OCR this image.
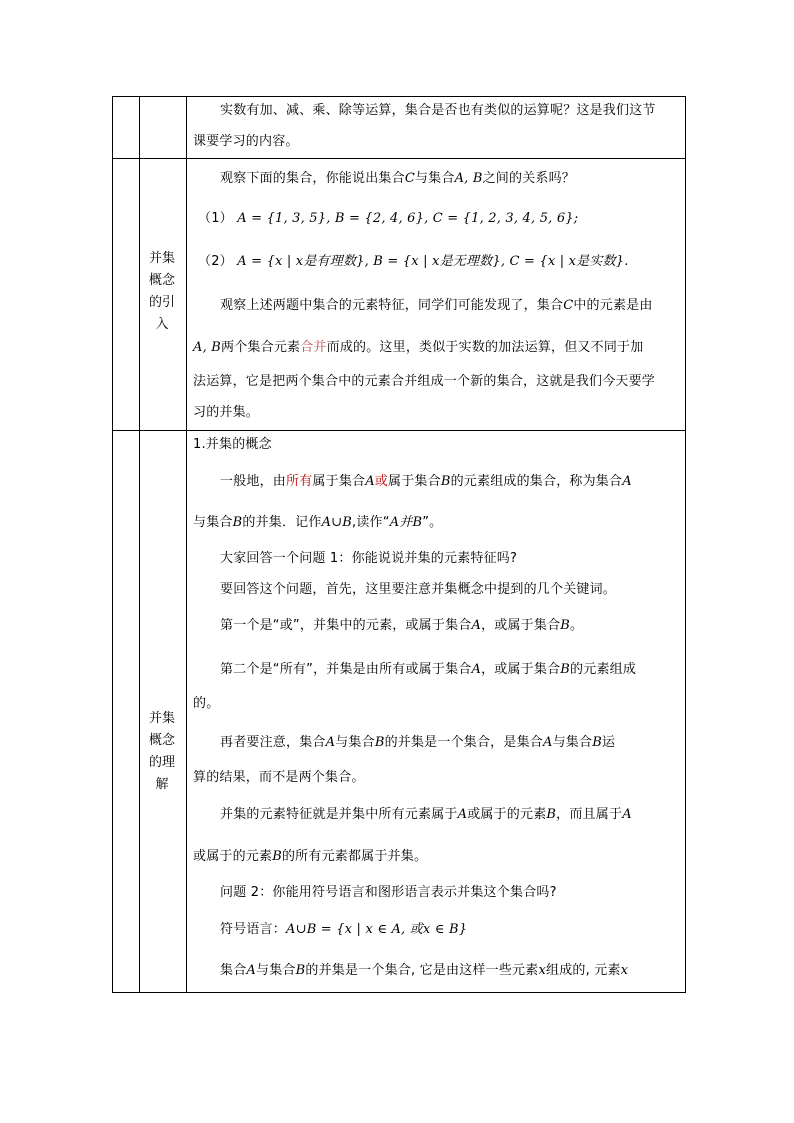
实数有加、减、乘、除等运算，集合是否也有类似的运算呢？这是我们这节
课要学习的内容。
并集
概念
的引
入
观察下面的集合，你能说出集合C与集合A, B之间的关系吗？
（1） A = {1, 3, 5}, B = {2, 4, 6}, C = {1, 2, 3, 4, 5, 6};
（2） A = {x | x是有理数}, B = {x | x是无理数}, C = {x | x是实数}.
观察上述两题中集合的元素特征，同学们可能发现了，集合C中的元素是由
A, B两个集合元素合并而成的。这里，类似于实数的加法运算，但又不同于加
法运算，它是把两个集合中的元素合并组成一个新的集合，这就是我们今天要学
习的并集。
并集
概念
的理
解
1.并集的概念
一般地，由所有属于集合A或属于集合B的元素组成的集合，称为集合A
与集合B的并集．记作A∪B,读作“A并B”。
大家回答一个问题 1：你能说说并集的元素特征吗?
要回答这个问题，首先，这里要注意并集概念中提到的几个关键词。
第一个是“或”，并集中的元素，或属于集合A，或属于集合B。
第二个是“所有”，并集是由所有或属于集合A，或属于集合B的元素组成
的。
再者要注意，集合A与集合B的并集是一个集合，是集合A与集合B运
算的结果，而不是两个集合。
并集的元素特征就是并集中所有元素属于A或属于的元素B，而且属于A
或属于的元素B的所有元素都属于并集。
问题 2：你能用符号语言和图形语言表示并集这个集合吗?
符号语言：A∪B = {x | x ∈ A, 或x ∈ B}
集合A与集合B的并集是一个集合, 它是由这样一些元素x组成的, 元素x
